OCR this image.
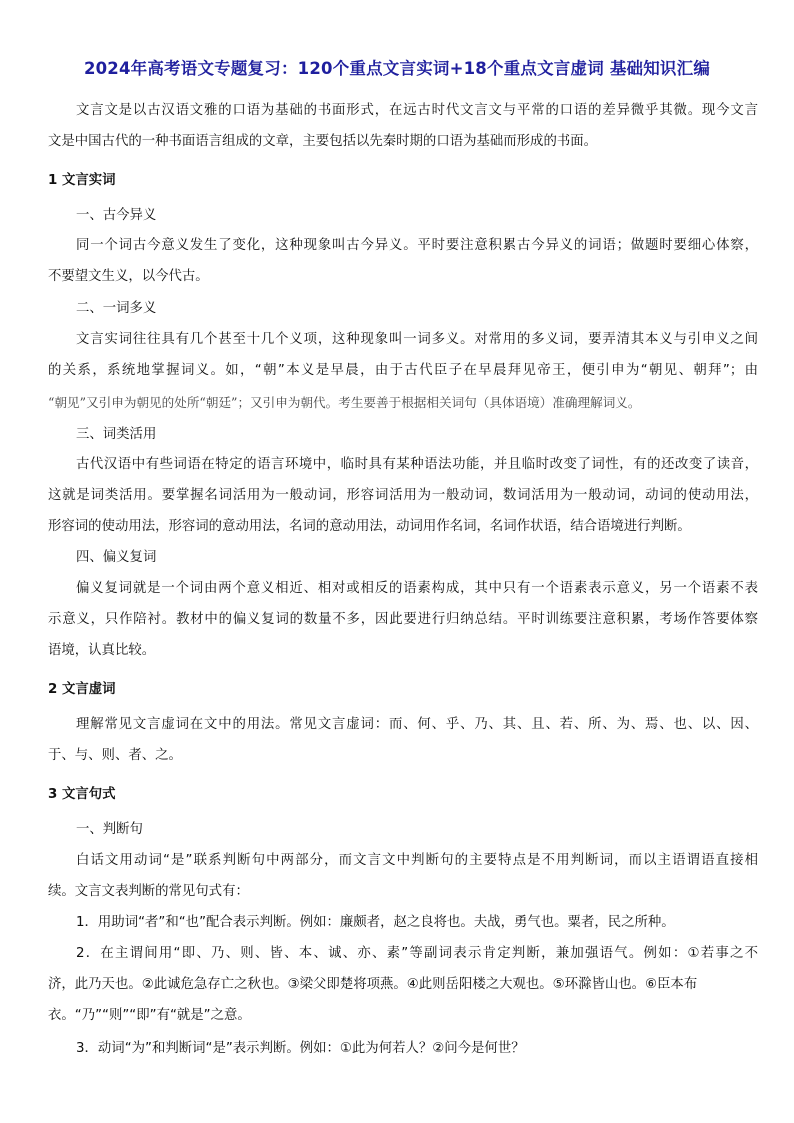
2024年高考语文专题复习：120个重点文言实词+18个重点文言虚词 基础知识汇编
文言文是以古汉语文雅的口语为基础的书面形式，在远古时代文言文与平常的口语的差异微乎其微。现今文言
文是中国古代的一种书面语言组成的文章，主要包括以先秦时期的口语为基础而形成的书面。
1 文言实词
一、古今异义
同一个词古今意义发生了变化，这种现象叫古今异义。平时要注意积累古今异义的词语；做题时要细心体察，
不要望文生义，以今代古。
二、一词多义
文言实词往往具有几个甚至十几个义项，这种现象叫一词多义。对常用的多义词，要弄清其本义与引申义之间
的关系，系统地掌握词义。如，“朝”本义是早晨，由于古代臣子在早晨拜见帝王，便引申为“朝见、朝拜”；由
“朝见”又引申为朝见的处所“朝廷”；又引申为朝代。考生要善于根据相关词句（具体语境）准确理解词义。
三、词类活用
古代汉语中有些词语在特定的语言环境中，临时具有某种语法功能，并且临时改变了词性，有的还改变了读音，
这就是词类活用。要掌握名词活用为一般动词，形容词活用为一般动词，数词活用为一般动词，动词的使动用法，
形容词的使动用法，形容词的意动用法，名词的意动用法，动词用作名词，名词作状语，结合语境进行判断。
四、偏义复词
偏义复词就是一个词由两个意义相近、相对或相反的语素构成，其中只有一个语素表示意义，另一个语素不表
示意义，只作陪衬。教材中的偏义复词的数量不多，因此要进行归纳总结。平时训练要注意积累，考场作答要体察
语境，认真比较。
2 文言虚词
理解常见文言虚词在文中的用法。常见文言虚词：而、何、乎、乃、其、且、若、所、为、焉、也、以、因、
于、与、则、者、之。
3 文言句式
一、判断句
白话文用动词“是”联系判断句中两部分，而文言文中判断句的主要特点是不用判断词，而以主语谓语直接相
续。文言文表判断的常见句式有：
1．用助词“者”和“也”配合表示判断。例如：廉颇者，赵之良将也。夫战，勇气也。粟者，民之所种。
2．在主谓间用“即、乃、则、皆、本、诚、亦、素”等副词表示肯定判断，兼加强语气。例如：①若事之不
济，此乃天也。②此诚危急存亡之秋也。③梁父即楚将项燕。④此则岳阳楼之大观也。⑤环滁皆山也。⑥臣本布
衣。“乃”“则”“即”有“就是”之意。
3．动词“为”和判断词“是”表示判断。例如：①此为何若人？②问今是何世？
